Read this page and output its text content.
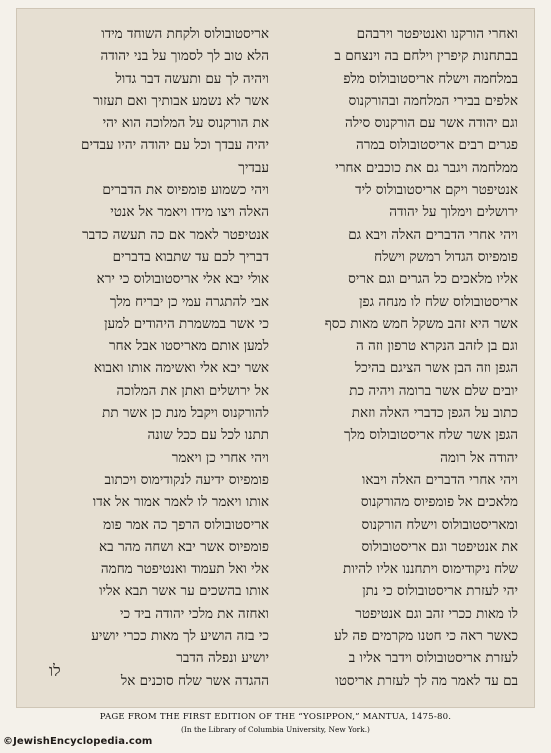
ואחרי הורקנו ואנטיפטר וירבהם
בבתחנות קיפרין וילחם בה וינצחם ב
במלחמה וישלח אריסטובולוס מלפ
אלפים בבירי המלחמה ובהורקנוס
וגם יהודה אשר עם הורקנוס סילה
פגרים רבים אריסטובולוס במרה
ממלחמה ויגבר גם את כוכבים אחרי
אנטיפטר ויקם אריסטובולוס ליד
ירושלים וימלוך על יהודה
ויהי אחרי הדברים האלה ויבא גם
פומפיוס הגדול רמשק וישלח
אליו מלאכים כל הגרים וגם אריס
אריסטובולוס שלח לו מנחה גפן
אשר היא זהב משקל חמש מאות כסף
וגם בן לזהב הנקרא טרפון וזה ה
הגפן וזה הבן אשר הציגם בהיכל
יובים שלם אשר ברומה ויהיה כת
כתוב על הגפן כדברי האלה וזאת
הגפן אשר שלח אריסטובולוס מלך
יהודה אל רומה
ויהי אחרי הדברים האלה ויבאו
מלאכים אל פומפיוס מהורקנוס
ומאריסטובולוס וישלח הורקנוס
את אנטיפטר וגם אריסטובולוס
שלח ניקודימוס ויתחננו אליו להיות
יהי לעזרת אריסטובולוס כי נתן
לו מאות ככרי זהב וגם אנטיפטר
כאשר ראה כי חטנו מקרמים פה לע
לעזרת אריסטובולוס וידבר אליו ב
בם עד לאמר מה לך לעזרת אריסטו
אריסטובולוס ולקחת השוחד מידו
הלא טוב לך לסמוך על בני יהודה
ויהיה לך עם ותעשה דבר גדול
אשר לא נשמע אבותיך ואם תעזור
את הורקנוס על המלוכה הוא יהי
יהיה עבדך וכל עם יהודה יהיו עבדים
עבדיך
ויהי כשמוע פומפיוס את הדברים
האלה ויצו מידו ויאמר אל אנטי
אנטיפטר לאמר אם כה תעשה כדבר
דבריך לכם עד שתבוא בדברים
אולי יבא אלי אריסטובולוס כי ירא
אבי להתגרה עמי כן יבריח מלך
כי אשר במשמרת היהודים למען
למען אותם מאריסטו אבל אחר
אשר יבא אלי ואשימה אותו ואבוא
אל ירושלים ואתן את המלוכה
להורקנוס ויקבל מנת כן אשר תת
תתנו לכל עם ככל שונה
ויהי אחרי כן ויאמר
פומפיוס ידיעה לנקודימוס ויכתוב
אותו ויאמר לו לאמר אמור אל אדו
אריסטובולוס הרפך כה אמר פומ
פומפיוס אשר יבא ושחה מהר בא
אלי ואל תעמוד ואנטיפטר מחמה
אותו בהשכים ער אשר תבא אליו
ואחזה את מלכי יהודה ביד כי
כי בזה הושיע לך מאות ככרי יושיע
יושיע ונפלה הדבר
ההגדה אשר שלח סוכנים אל
לו
PAGE FROM THE FIRST EDITION OF THE “YOSIPPON,” MANTUA, 1475-80.
(In the Library of Columbia University, New York.)
©JewishEncyclopedia.com
